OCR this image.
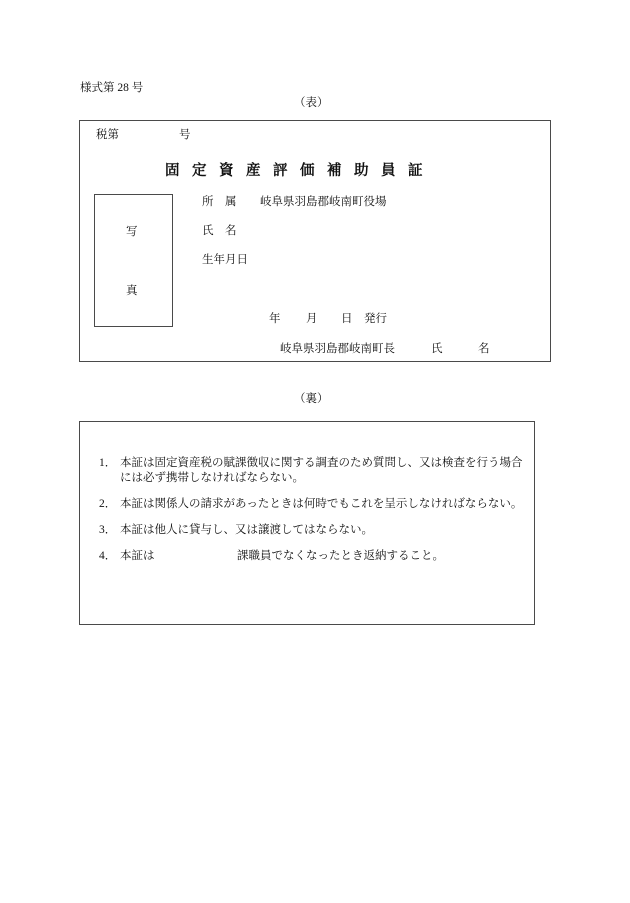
様式第 28 号
（表）
税第	号
固定資産評価補助員証
写
真
所　属 岐阜県羽島郡岐南町役場
氏　名
生年月日
年 月 日 発行
岐阜県羽島郡岐南町長	氏	名
（裏）
1． 本証は固定資産税の賦課徴収に関する調査のため質問し、又は検査を行う場合
には必ず携帯しなければならない。
2． 本証は関係人の請求があったときは何時でもこれを呈示しなければならない。
3． 本証は他人に貸与し、又は譲渡してはならない。
4． 本証は	課職員でなくなったとき返納すること。
